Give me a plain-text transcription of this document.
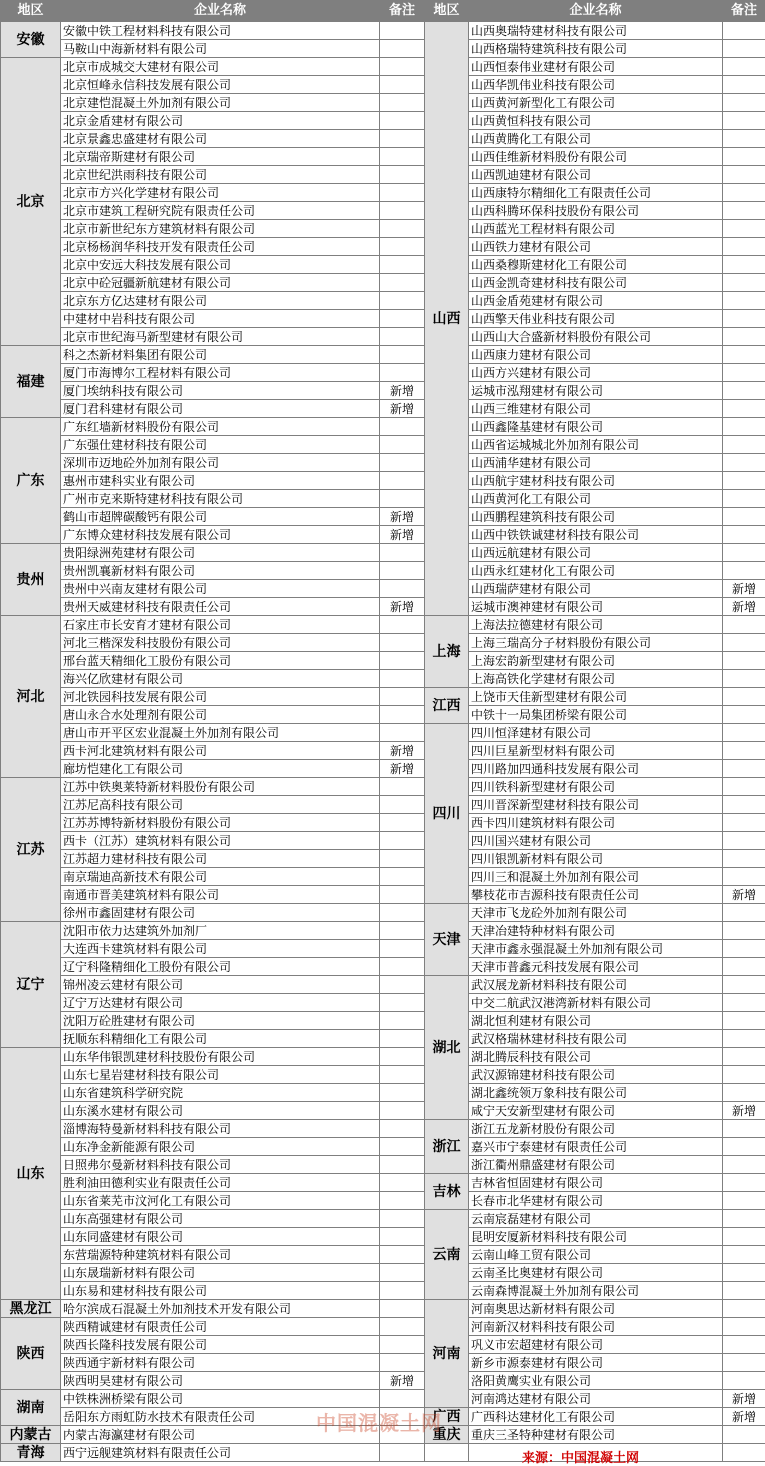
地区	企业名称	备注	地区	企业名称	备注
安徽	安徽中铁工程材料科技有限公司		山西	山西奥瑞特建材科技有限公司	
	马鞍山中海新材料有限公司			山西格瑞特建筑科技有限公司	
北京	北京市成城交大建材有限公司			山西恒泰伟业建材有限公司	
	北京恒峰永信科技发展有限公司			山西华凯伟业科技有限公司	
	北京建恺混凝土外加剂有限公司			山西黄河新型化工有限公司	
	北京金盾建材有限公司			山西黄恒科技有限公司	
	北京景鑫忠盛建材有限公司			山西黄腾化工有限公司	
	北京瑞帝斯建材有限公司			山西佳维新材料股份有限公司	
	北京世纪洪雨科技有限公司			山西凯迪建材有限公司	
	北京市方兴化学建材有限公司			山西康特尔精细化工有限责任公司	
	北京市建筑工程研究院有限责任公司			山西科腾环保科技股份有限公司	
	北京市新世纪东方建筑材料有限公司			山西蓝光工程材料有限公司	
	北京杨杨润华科技开发有限责任公司			山西铁力建材有限公司	
	北京中安远大科技发展有限公司			山西桑穆斯建材化工有限公司	
	北京中砼冠疆新航建材有限公司			山西金凯奇建材科技有限公司	
	北京东方亿达建材有限公司			山西金盾苑建材有限公司	
	中建材中岩科技有限公司			山西擎天伟业科技有限公司	
	北京市世纪海马新型建材有限公司			山西山大合盛新材料股份有限公司	
福建	科之杰新材料集团有限公司			山西康力建材有限公司	
	厦门市海博尔工程材料有限公司			山西方兴建材有限公司	
	厦门埃纳科技有限公司	新增		运城市泓翔建材有限公司	
	厦门君科建材有限公司	新增		山西三维建材有限公司	
广东	广东红墙新材料股份有限公司			山西鑫隆基建材有限公司	
	广东强仕建材科技有限公司			山西省运城城北外加剂有限公司	
	深圳市迈地砼外加剂有限公司			山西浦华建材有限公司	
	惠州市建科实业有限公司			山西航宇建材科技有限公司	
	广州市克来斯特建材科技有限公司			山西黄河化工有限公司	
	鹤山市超牌碳酸钙有限公司	新增		山西鹏程建筑科技有限公司	
	广东博众建材科技发展有限公司	新增		山西中铁铁诚建材科技有限公司	
贵州	贵阳绿洲苑建材有限公司			山西远航建材有限公司	
	贵州凯襄新材料有限公司			山西永红建材化工有限公司	
	贵州中兴南友建材有限公司			山西瑞萨建材有限公司	新增
	贵州天威建材科技有限责任公司	新增		运城市澳神建材有限公司	新增
河北	石家庄市长安育才建材有限公司		上海	上海法拉德建材有限公司	
	河北三楷深发科技股份有限公司			上海三瑞高分子材料股份有限公司	
	邢台蓝天精细化工股份有限公司			上海宏韵新型建材有限公司	
	海兴亿欣建材有限公司			上海高铁化学建材有限公司	
	河北铁园科技发展有限公司		江西	上饶市天佳新型建材有限公司	
	唐山永合水处理剂有限公司			中铁十一局集团桥梁有限公司	
	唐山市开平区宏业混凝土外加剂有限公司		四川	四川恒泽建材有限公司	
	西卡河北建筑材料有限公司	新增		四川巨星新型材料有限公司	
	廊坊恺建化工有限公司	新增		四川路加四通科技发展有限公司	
江苏	江苏中铁奥莱特新材料股份有限公司			四川铁科新型建材有限公司	
	江苏尼高科技有限公司			四川晋深新型建材科技有限公司	
	江苏苏博特新材料股份有限公司			西卡四川建筑材料有限公司	
	西卡（江苏）建筑材料有限公司			四川国兴建材有限公司	
	江苏超力建材科技有限公司			四川银凯新材料有限公司	
	南京瑞迪高新技术有限公司			四川三和混凝土外加剂有限公司	
	南通市晋美建筑材料有限公司			攀枝花市吉源科技有限责任公司	新增
	徐州市鑫固建材有限公司		天津	天津市飞龙砼外加剂有限公司	
辽宁	沈阳市依力达建筑外加剂厂			天津冶建特种材料有限公司	
	大连西卡建筑材料有限公司			天津市鑫永强混凝土外加剂有限公司	
	辽宁科隆精细化工股份有限公司			天津市普鑫元科技发展有限公司	
	锦州凌云建材有限公司		湖北	武汉展龙新材料科技有限公司	
	辽宁万达建材有限公司			中交二航武汉港湾新材料有限公司	
	沈阳万砼胜建材有限公司			湖北恒利建材有限公司	
	抚顺东科精细化工有限公司			武汉格瑞林建材科技有限公司	
山东	山东华伟银凯建材科技股份有限公司			湖北腾辰科技有限公司	
	山东七星岩建材科技有限公司			武汉源锦建材科技有限公司	
	山东省建筑科学研究院			湖北鑫统领万象科技有限公司	
	山东溪水建材有限公司			咸宁天安新型建材有限公司	新增
	淄博海特曼新材料科技有限公司		浙江	浙江五龙新材股份有限公司	
	山东净金新能源有限公司			嘉兴市宁泰建材有限责任公司	
	日照弗尔曼新材料科技有限公司			浙江衢州鼎盛建材有限公司	
	胜利油田德利实业有限责任公司		吉林	吉林省恒固建材有限公司	
	山东省莱芜市汶河化工有限公司			长春市北华建材有限公司	
	山东高强建材有限公司		云南	云南宸磊建材有限公司	
	山东同盛建材有限公司			昆明安厦新材料科技有限公司	
	东营瑞源特种建筑材料有限公司			云南山峰工贸有限公司	
	山东晟瑞新材料有限公司			云南圣比奥建材有限公司	
	山东易和建材科技有限公司			云南森博混凝土外加剂有限公司	
黑龙江	哈尔滨成石混凝土外加剂技术开发有限公司		河南	河南奥思达新材料有限公司	
陕西	陕西精诚建材有限责任公司			河南新汉材料科技有限公司	
	陕西长隆科技发展有限公司			巩义市宏超建材有限公司	
	陕西通宇新材料有限公司			新乡市源泰建材有限公司	
	陕西明昊建材有限公司	新增		洛阳黄鹰实业有限公司	
湖南	中铁株洲桥梁有限公司			河南鸿达建材有限公司	新增
	岳阳东方雨虹防水技术有限责任公司		广西	广西科达建材化工有限公司	新增
内蒙古	内蒙古海瀛建材有限公司		重庆	重庆三圣特种建材有限公司	
青海	西宁远舰建筑材料有限责任公司				
中国混凝土网
来源：中国混凝土网
